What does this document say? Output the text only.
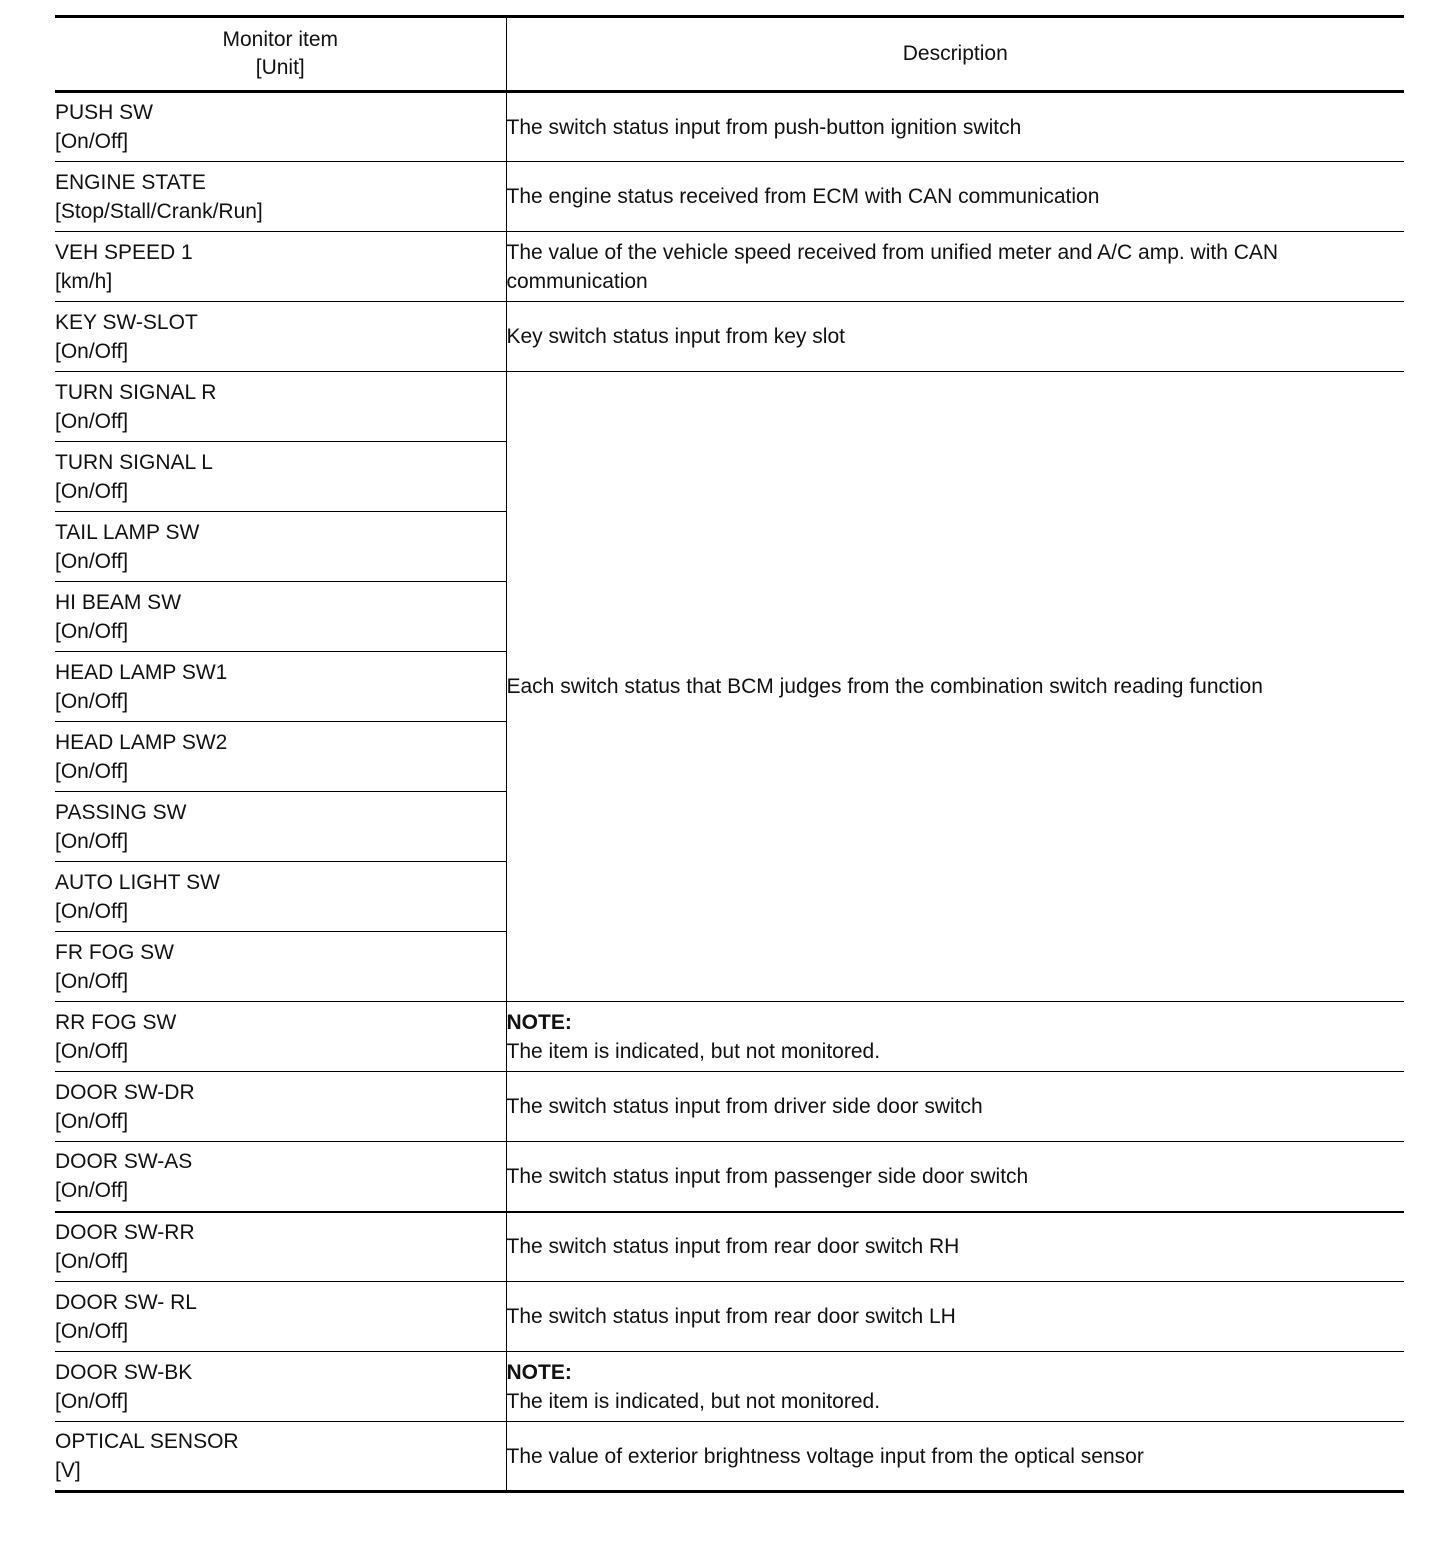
Monitor item
[Unit]	Description

PUSH SW
[On/Off]	The switch status input from push-button ignition switch

ENGINE STATE
[Stop/Stall/Crank/Run]	The engine status received from ECM with CAN communication

VEH SPEED 1
[km/h]	The value of the vehicle speed received from unified meter and A/C amp. with CAN communication

KEY SW-SLOT
[On/Off]	Key switch status input from key slot

TURN SIGNAL R
[On/Off]	Each switch status that BCM judges from the combination switch reading function

TURN SIGNAL L
[On/Off]	

TAIL LAMP SW
[On/Off]	

HI BEAM SW
[On/Off]	

HEAD LAMP SW1
[On/Off]	

HEAD LAMP SW2
[On/Off]	

PASSING SW
[On/Off]	

AUTO LIGHT SW
[On/Off]	

FR FOG SW
[On/Off]	

RR FOG SW
[On/Off]	NOTE:
The item is indicated, but not monitored.

DOOR SW-DR
[On/Off]	The switch status input from driver side door switch

DOOR SW-AS
[On/Off]	The switch status input from passenger side door switch

DOOR SW-RR
[On/Off]	The switch status input from rear door switch RH

DOOR SW- RL
[On/Off]	The switch status input from rear door switch LH

DOOR SW-BK
[On/Off]	NOTE:
The item is indicated, but not monitored.

OPTICAL SENSOR
[V]	The value of exterior brightness voltage input from the optical sensor
